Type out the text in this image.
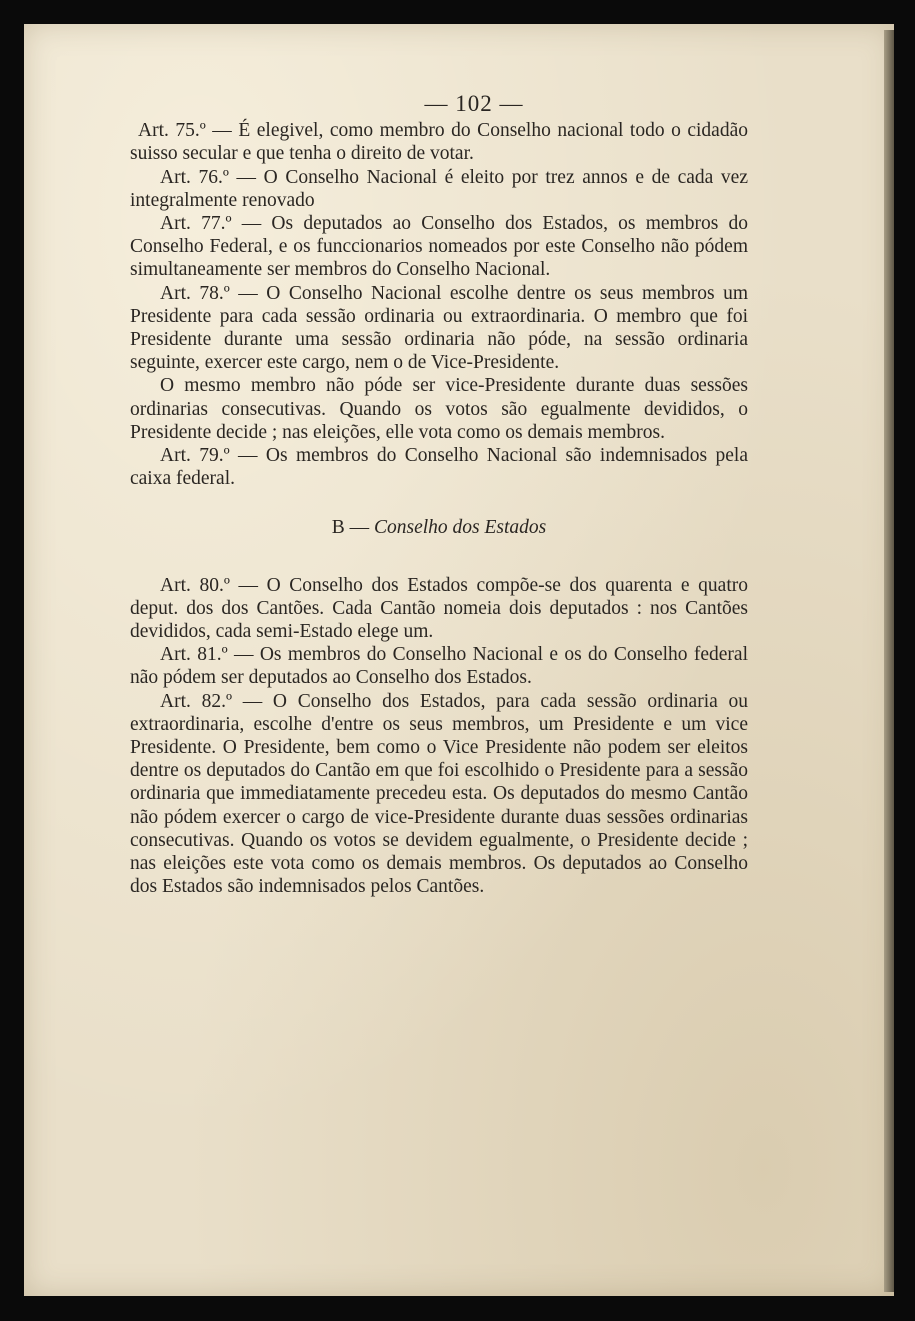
— 102 —

Art. 75.º — É elegivel, como membro do Conselho nacional todo o cidadão suisso secular e que tenha o direito de votar.

Art. 76.º — O Conselho Nacional é eleito por trez annos e de cada vez integralmente renovado

Art. 77.º — Os deputados ao Conselho dos Estados, os membros do Conselho Federal, e os funccionarios nomeados por este Conselho não pódem simultaneamente ser membros do Conselho Nacional.

Art. 78.º — O Conselho Nacional escolhe dentre os seus membros um Presidente para cada sessão ordinaria ou extraordinaria. O membro que foi Presidente durante uma sessão ordinaria não póde, na sessão ordinaria seguinte, exercer este cargo, nem o de Vice-Presidente.

O mesmo membro não póde ser vice-Presidente durante duas sessões ordinarias consecutivas. Quando os votos são egualmente devididos, o Presidente decide ; nas eleições, elle vota como os demais membros.

Art. 79.º — Os membros do Conselho Nacional são indemnisados pela caixa federal.

B — Conselho dos Estados

Art. 80.º — O Conselho dos Estados compõe-se dos quarenta e quatro deput. dos dos Cantões. Cada Cantão nomeia dois deputados : nos Cantões devididos, cada semi-Estado elege um.

Art. 81.º — Os membros do Conselho Nacional e os do Conselho federal não pódem ser deputados ao Conselho dos Estados.

Art. 82.º — O Conselho dos Estados, para cada sessão ordinaria ou extraordinaria, escolhe d'entre os seus membros, um Presidente e um vice Presidente. O Presidente, bem como o Vice Presidente não podem ser eleitos dentre os deputados do Cantão em que foi escolhido o Presidente para a sessão ordinaria que immediatamente precedeu esta. Os deputados do mesmo Cantão não pódem exercer o cargo de vice-Presidente durante duas sessões ordinarias consecutivas. Quando os votos se devidem egualmente, o Presidente decide ; nas eleições este vota como os demais membros. Os deputados ao Conselho dos Estados são indemnisados pelos Cantões.
